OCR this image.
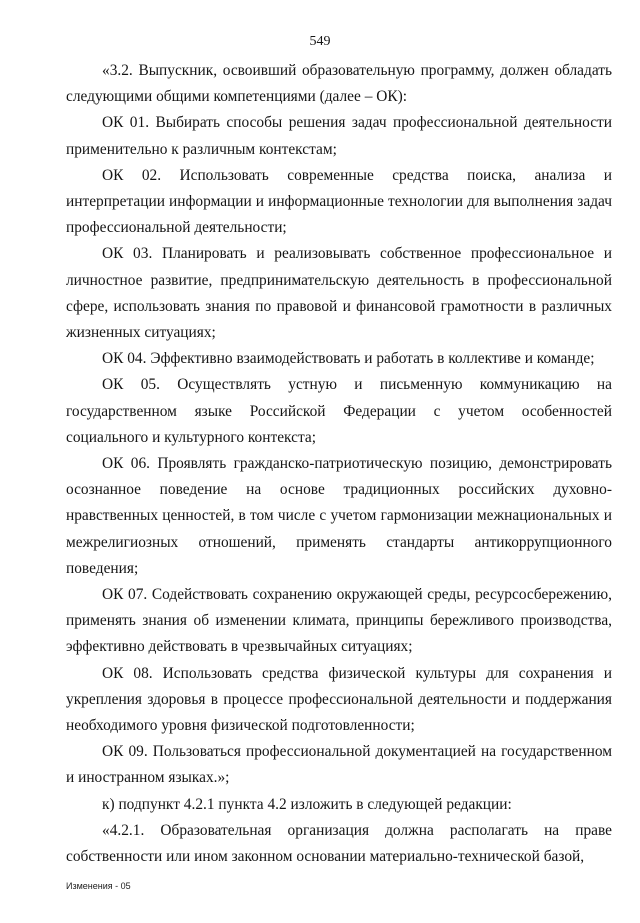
549

«3.2. Выпускник, освоивший образовательную программу, должен обладать следующими общими компетенциями (далее – ОК):

ОК 01. Выбирать способы решения задач профессиональной деятельности применительно к различным контекстам;

ОК 02. Использовать современные средства поиска, анализа и интерпретации информации и информационные технологии для выполнения задач профессиональной деятельности;

ОК 03. Планировать и реализовывать собственное профессиональное и личностное развитие, предпринимательскую деятельность в профессиональной сфере, использовать знания по правовой и финансовой грамотности в различных жизненных ситуациях;

ОК 04. Эффективно взаимодействовать и работать в коллективе и команде;

ОК 05. Осуществлять устную и письменную коммуникацию на государственном языке Российской Федерации с учетом особенностей социального и культурного контекста;

ОК 06. Проявлять гражданско-патриотическую позицию, демонстрировать осознанное поведение на основе традиционных российских духовно-нравственных ценностей, в том числе с учетом гармонизации межнациональных и межрелигиозных отношений, применять стандарты антикоррупционного поведения;

ОК 07. Содействовать сохранению окружающей среды, ресурсосбережению, применять знания об изменении климата, принципы бережливого производства, эффективно действовать в чрезвычайных ситуациях;

ОК 08. Использовать средства физической культуры для сохранения и укрепления здоровья в процессе профессиональной деятельности и поддержания необходимого уровня физической подготовленности;

ОК 09. Пользоваться профессиональной документацией на государственном и иностранном языках.»;

к) подпункт 4.2.1 пункта 4.2 изложить в следующей редакции:

«4.2.1. Образовательная организация должна располагать на праве собственности или ином законном основании материально-технической базой,

Изменения - 05
